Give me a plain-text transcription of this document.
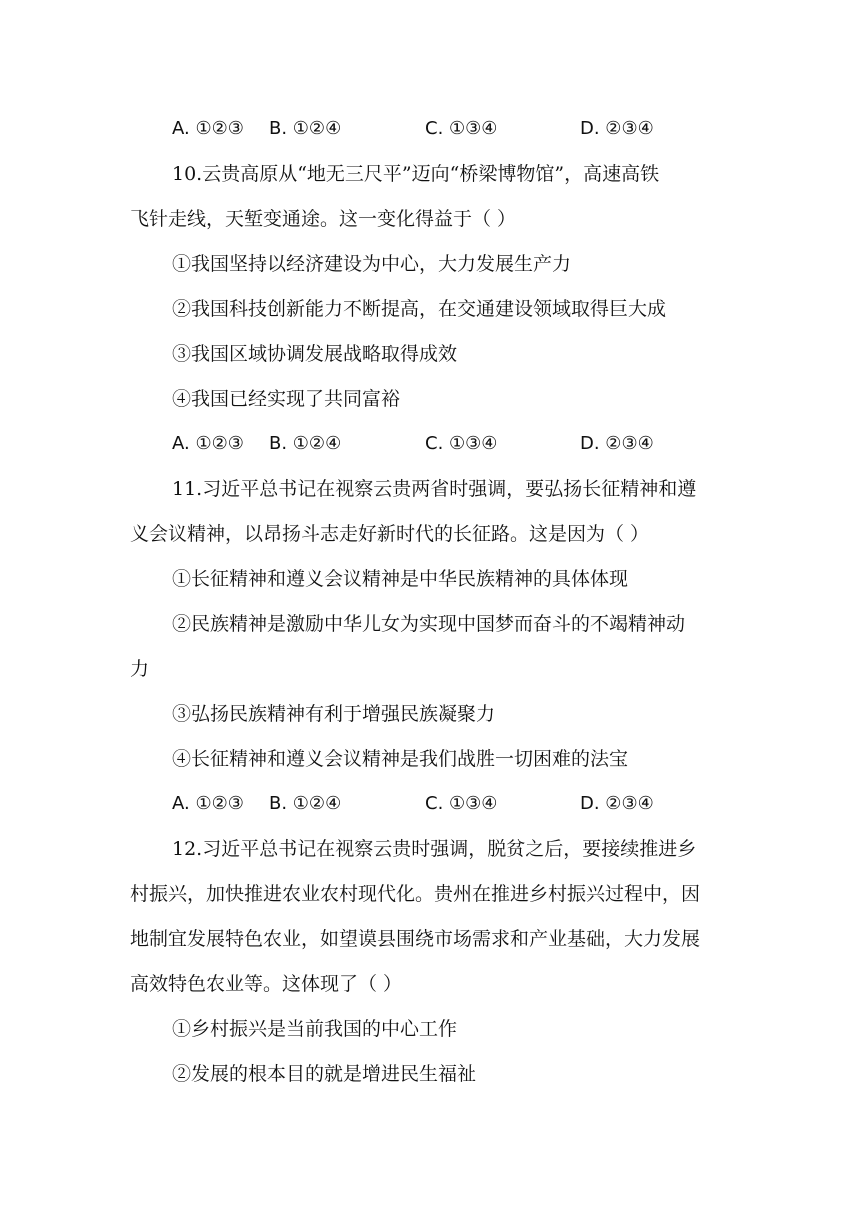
A. ①②③ B. ①②④	C. ①③④	D. ②③④
10.云贵高原从“地无三尺平”迈向“桥梁博物馆”，高速高铁
飞针走线，天堑变通途。这一变化得益于（ ）
①我国坚持以经济建设为中心，大力发展生产力
②我国科技创新能力不断提高，在交通建设领域取得巨大成
③我国区域协调发展战略取得成效
④我国已经实现了共同富裕
A. ①②③ B. ①②④	C. ①③④	D. ②③④
11.习近平总书记在视察云贵两省时强调，要弘扬长征精神和遵
义会议精神，以昂扬斗志走好新时代的长征路。这是因为（ ）
①长征精神和遵义会议精神是中华民族精神的具体体现
②民族精神是激励中华儿女为实现中国梦而奋斗的不竭精神动
力
③弘扬民族精神有利于增强民族凝聚力
④长征精神和遵义会议精神是我们战胜一切困难的法宝
A. ①②③ B. ①②④	C. ①③④	D. ②③④
12.习近平总书记在视察云贵时强调，脱贫之后，要接续推进乡
村振兴，加快推进农业农村现代化。贵州在推进乡村振兴过程中，因
地制宜发展特色农业，如望谟县围绕市场需求和产业基础，大力发展
高效特色农业等。这体现了（ ）
①乡村振兴是当前我国的中心工作
②发展的根本目的就是增进民生福祉
